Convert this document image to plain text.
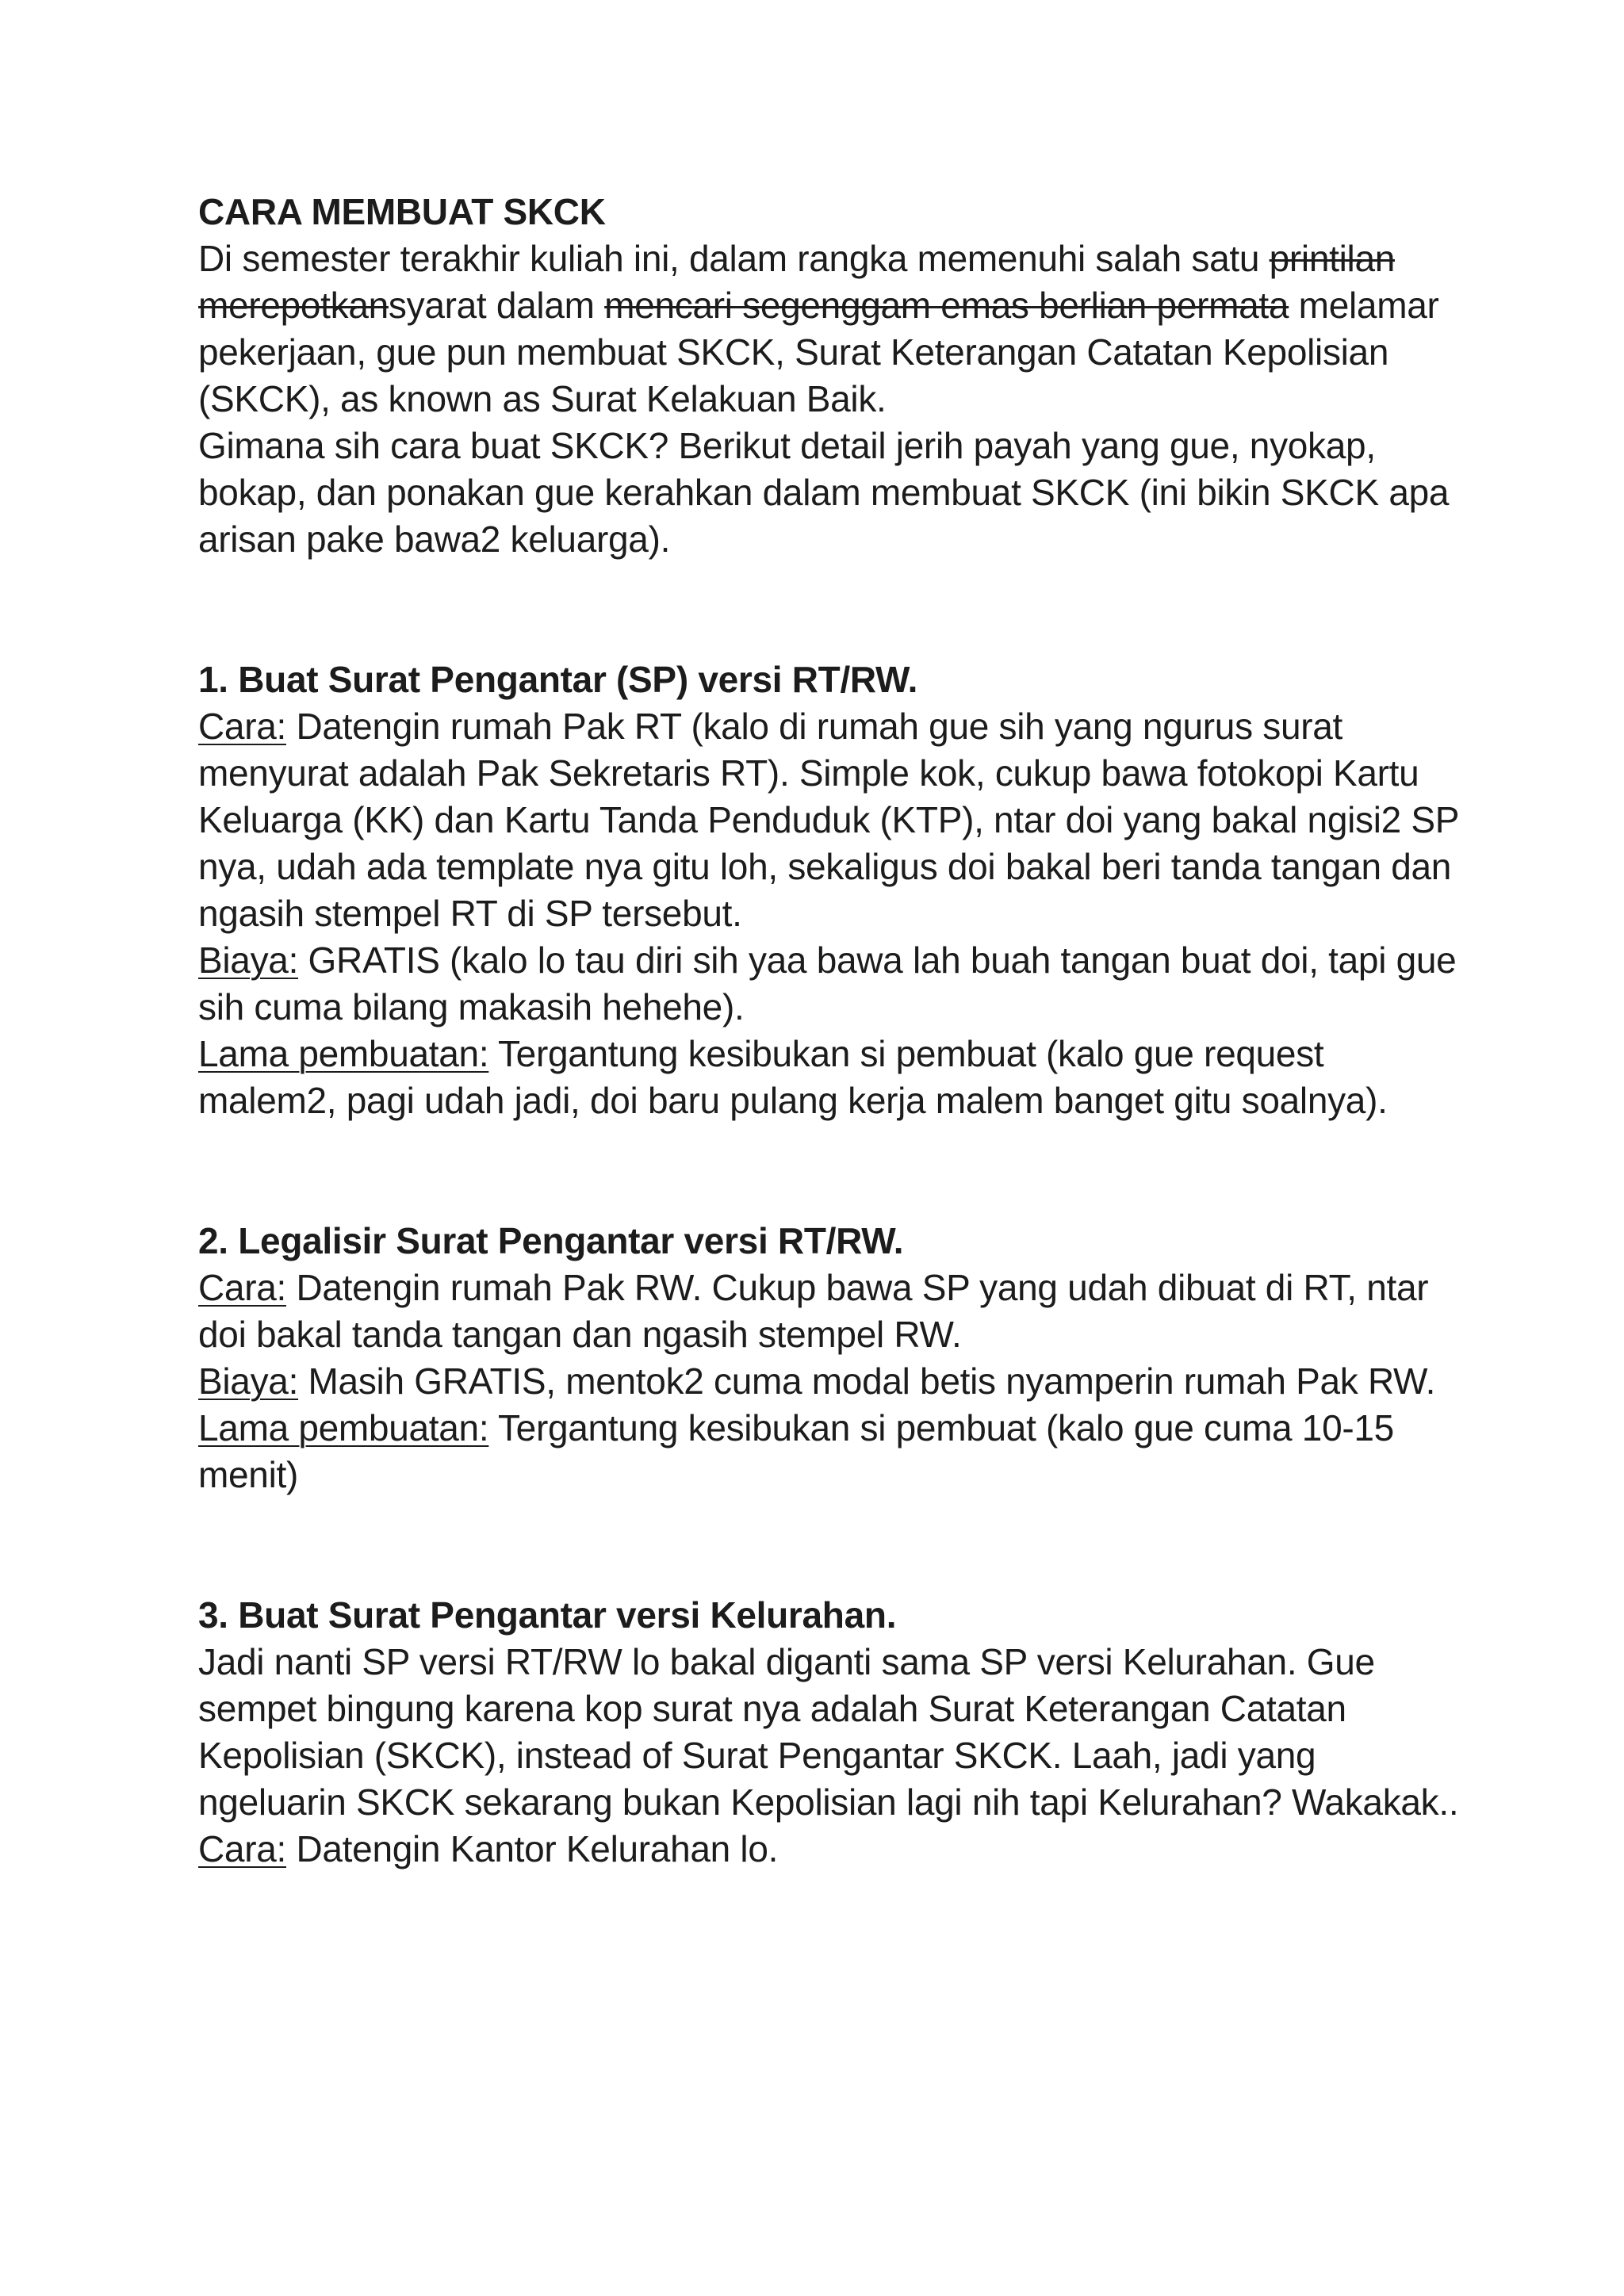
CARA MEMBUAT SKCK

Di semester terakhir kuliah ini, dalam rangka memenuhi salah satu printilan merepotkansyarat dalam mencari segenggam emas berlian permata melamar pekerjaan, gue pun membuat SKCK, Surat Keterangan Catatan Kepolisian (SKCK), as known as Surat Kelakuan Baik.

Gimana sih cara buat SKCK? Berikut detail jerih payah yang gue, nyokap, bokap, dan ponakan gue kerahkan dalam membuat SKCK (ini bikin SKCK apa arisan pake bawa2 keluarga).

1. Buat Surat Pengantar (SP) versi RT/RW.

Cara: Datengin rumah Pak RT (kalo di rumah gue sih yang ngurus surat menyurat adalah Pak Sekretaris RT). Simple kok, cukup bawa fotokopi Kartu Keluarga (KK) dan Kartu Tanda Penduduk (KTP), ntar doi yang bakal ngisi2 SP nya, udah ada template nya gitu loh, sekaligus doi bakal beri tanda tangan dan ngasih stempel RT di SP tersebut.

Biaya: GRATIS (kalo lo tau diri sih yaa bawa lah buah tangan buat doi, tapi gue sih cuma bilang makasih hehehe).

Lama pembuatan: Tergantung kesibukan si pembuat (kalo gue request malem2, pagi udah jadi, doi baru pulang kerja malem banget gitu soalnya).

2. Legalisir Surat Pengantar versi RT/RW.

Cara: Datengin rumah Pak RW. Cukup bawa SP yang udah dibuat di RT, ntar doi bakal tanda tangan dan ngasih stempel RW.

Biaya: Masih GRATIS, mentok2 cuma modal betis nyamperin rumah Pak RW.

Lama pembuatan: Tergantung kesibukan si pembuat (kalo gue cuma 10-15 menit)

3. Buat Surat Pengantar versi Kelurahan.

Jadi nanti SP versi RT/RW lo bakal diganti sama SP versi Kelurahan. Gue sempet bingung karena kop surat nya adalah Surat Keterangan Catatan Kepolisian (SKCK), instead of Surat Pengantar SKCK. Laah, jadi yang ngeluarin SKCK sekarang bukan Kepolisian lagi nih tapi Kelurahan? Wakakak..

Cara: Datengin Kantor Kelurahan lo.
